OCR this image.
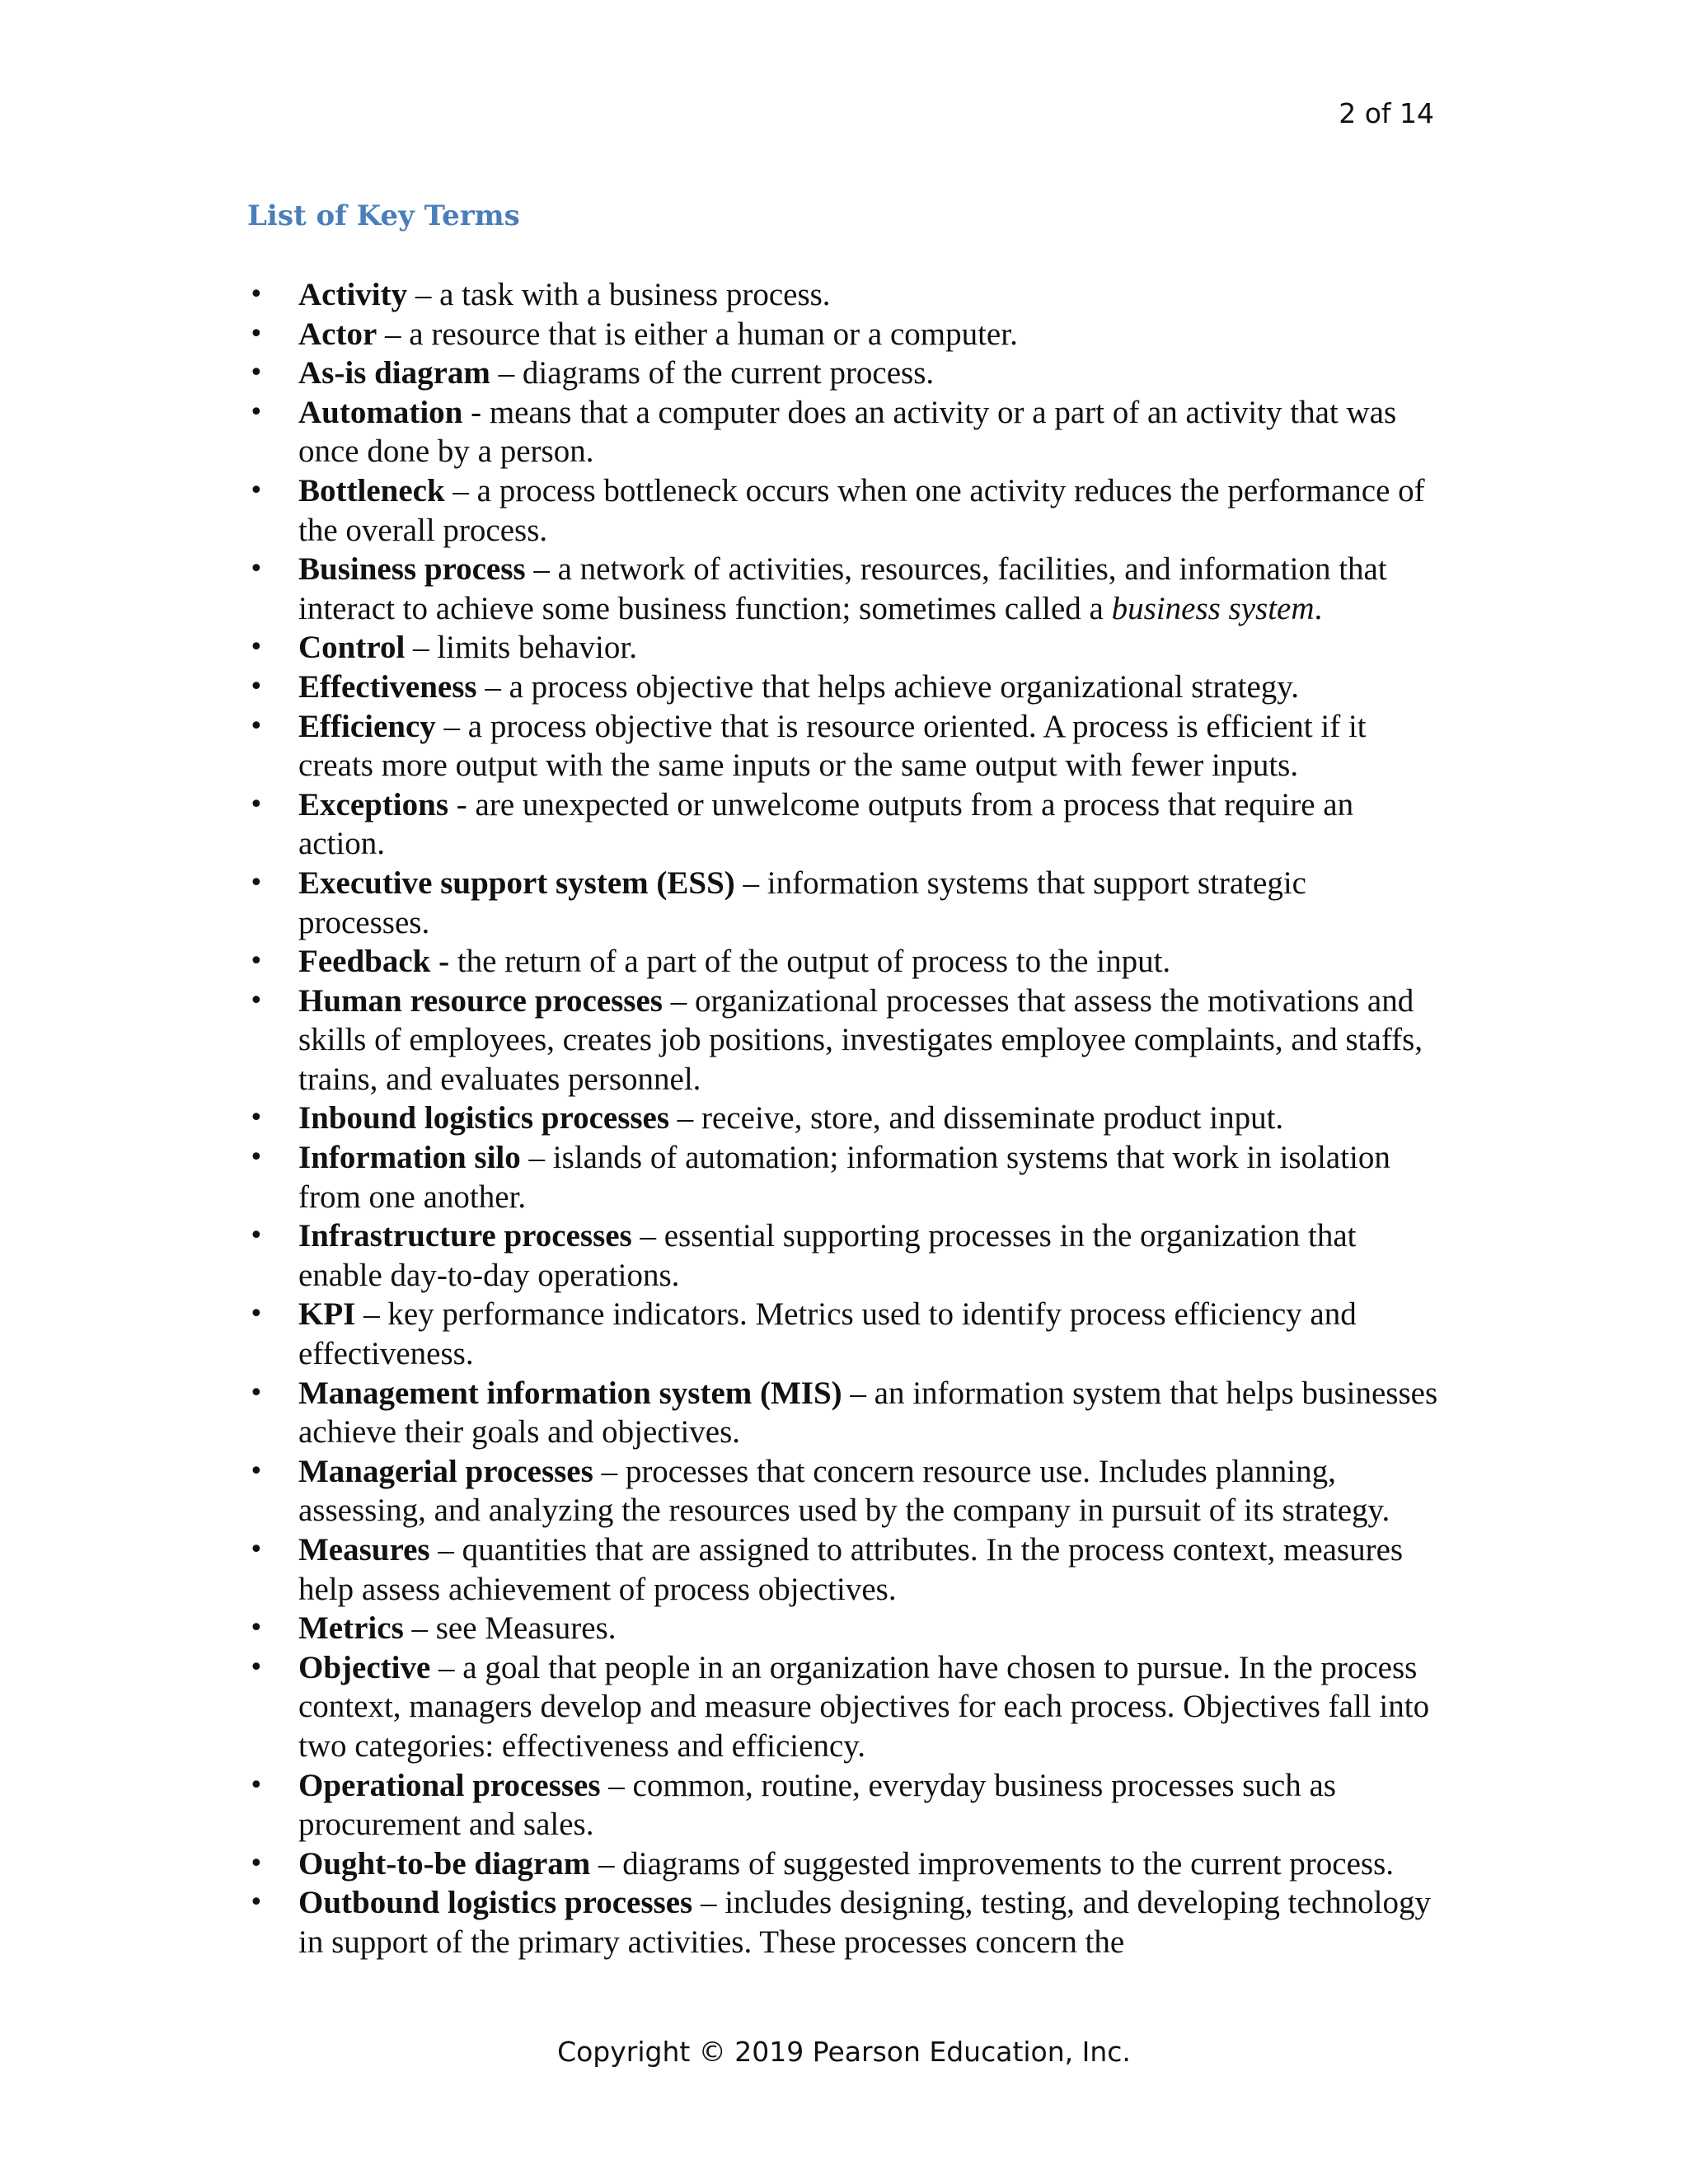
2 of 14
List of Key Terms
• Activity – a task with a business process.
• Actor – a resource that is either a human or a computer.
• As-is diagram – diagrams of the current process.
• Automation - means that a computer does an activity or a part of an activity that was once done by a person.
• Bottleneck – a process bottleneck occurs when one activity reduces the performance of the overall process.
• Business process – a network of activities, resources, facilities, and information that interact to achieve some business function; sometimes called a business system.
• Control – limits behavior.
• Effectiveness – a process objective that helps achieve organizational strategy.
• Efficiency – a process objective that is resource oriented. A process is efficient if it creats more output with the same inputs or the same output with fewer inputs.
• Exceptions - are unexpected or unwelcome outputs from a process that require an action.
• Executive support system (ESS) – information systems that support strategic processes.
• Feedback - the return of a part of the output of process to the input.
• Human resource processes – organizational processes that assess the motivations and skills of employees, creates job positions, investigates employee complaints, and staffs, trains, and evaluates personnel.
• Inbound logistics processes – receive, store, and disseminate product input.
• Information silo – islands of automation; information systems that work in isolation from one another.
• Infrastructure processes – essential supporting processes in the organization that enable day-to-day operations.
• KPI – key performance indicators. Metrics used to identify process efficiency and effectiveness.
• Management information system (MIS) – an information system that helps businesses achieve their goals and objectives.
• Managerial processes – processes that concern resource use. Includes planning, assessing, and analyzing the resources used by the company in pursuit of its strategy.
• Measures – quantities that are assigned to attributes. In the process context, measures help assess achievement of process objectives.
• Metrics – see Measures.
• Objective – a goal that people in an organization have chosen to pursue. In the process context, managers develop and measure objectives for each process. Objectives fall into two categories: effectiveness and efficiency.
• Operational processes – common, routine, everyday business processes such as procurement and sales.
• Ought-to-be diagram – diagrams of suggested improvements to the current process.
• Outbound logistics processes – includes designing, testing, and developing technology in support of the primary activities. These processes concern the
Copyright © 2019 Pearson Education, Inc.
